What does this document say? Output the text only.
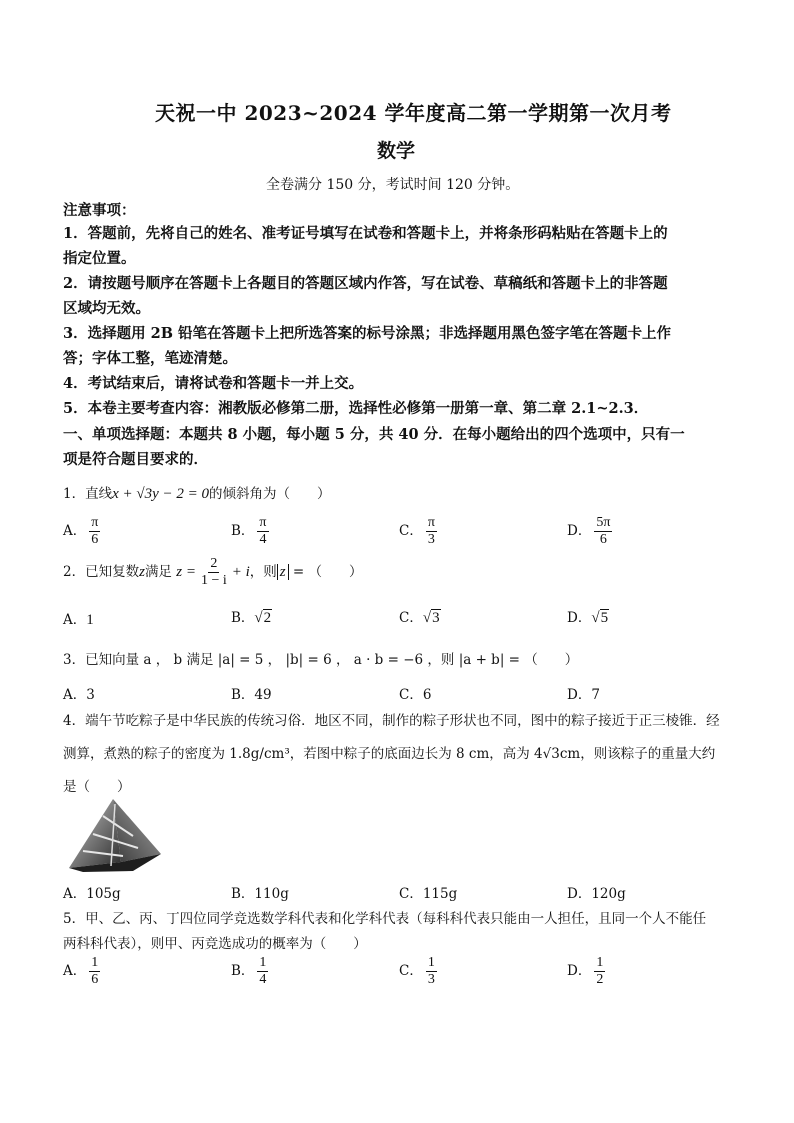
天祝一中 2023~2024 学年度高二第一学期第一次月考
数学
全卷满分 150 分，考试时间 120 分钟。
注意事项：
1．答题前，先将自己的姓名、准考证号填写在试卷和答题卡上，并将条形码粘贴在答题卡上的
指定位置。
2．请按题号顺序在答题卡上各题目的答题区域内作答，写在试卷、草稿纸和答题卡上的非答题
区域均无效。
3．选择题用 2B 铅笔在答题卡上把所选答案的标号涂黑；非选择题用黑色签字笔在答题卡上作
答；字体工整，笔迹清楚。
4．考试结束后，请将试卷和答题卡一并上交。
5．本卷主要考查内容：湘教版必修第二册，选择性必修第一册第一章、第二章 2.1~2.3．
一、单项选择题：本题共 8 小题，每小题 5 分，共 40 分．在每小题给出的四个选项中，只有一
项是符合题目要求的．
1．直线x + √3y − 2 = 0的倾斜角为（　　）
A． $\frac{\pi}{6}$	B． $\frac{\pi}{4}$	C． $\frac{\pi}{3}$	D． $\frac{5\pi}{6}$
2．已知复数z满足 $z = \frac{2}{1 - i} + i$，则 z = （　　）
A．1	B．√2	C．√3	D．√5
3．已知向量 a ， b 满足 |a| = 5 ， |b| = 6 ， a · b = −6 ，则 |a + b| = （　　）
A．3	B．49	C．6	D．7
4．端午节吃粽子是中华民族的传统习俗．地区不同，制作的粽子形状也不同，图中的粽子接近于正三棱锥．经
测算，煮熟的粽子的密度为 1.8g/cm³，若图中粽子的底面边长为 8 cm，高为 4√3cm，则该粽子的重量大约
是（　　）
A．105g	B．110g	C．115g	D．120g
5．甲、乙、丙、丁四位同学竞选数学科代表和化学科代表（每科科代表只能由一人担任，且同一个人不能任
两科科代表），则甲、丙竞选成功的概率为（　　）
A． $\frac{1}{6}$	B． $\frac{1}{4}$	C． $\frac{1}{3}$	D． $\frac{1}{2}$
